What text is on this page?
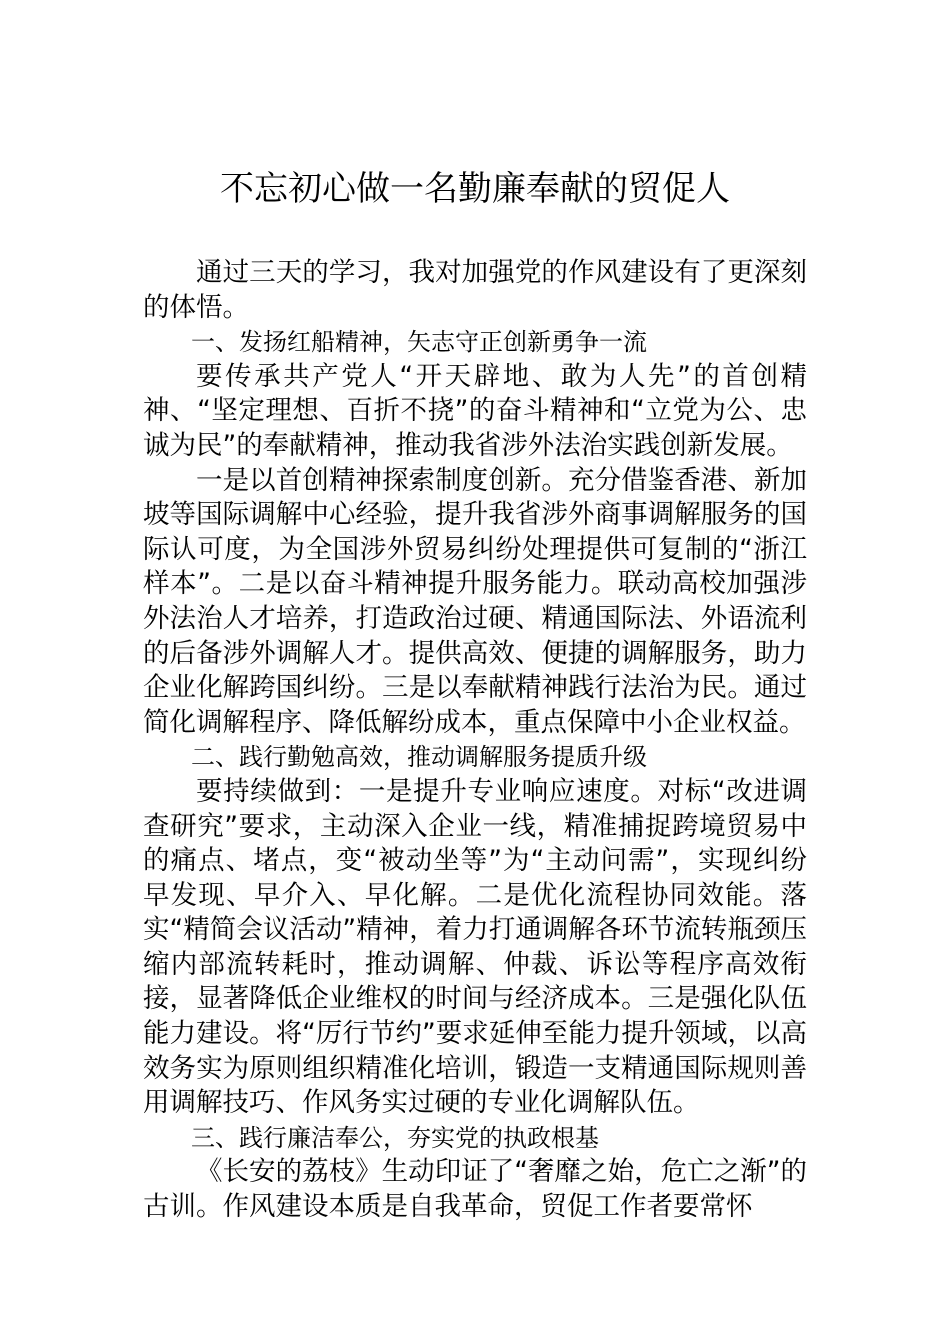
不忘初心做一名勤廉奉献的贸促人

通过三天的学习，我对加强党的作风建设有了更深刻的体悟。

一、发扬红船精神，矢志守正创新勇争一流

要传承共产党人“开天辟地、敢为人先”的首创精神、“坚定理想、百折不挠”的奋斗精神和“立党为公、忠诚为民”的奉献精神，推动我省涉外法治实践创新发展。

一是以首创精神探索制度创新。充分借鉴香港、新加坡等国际调解中心经验，提升我省涉外商事调解服务的国际认可度，为全国涉外贸易纠纷处理提供可复制的“浙江样本”。二是以奋斗精神提升服务能力。联动高校加强涉外法治人才培养，打造政治过硬、精通国际法、外语流利的后备涉外调解人才。提供高效、便捷的调解服务，助力企业化解跨国纠纷。三是以奉献精神践行法治为民。通过简化调解程序、降低解纷成本，重点保障中小企业权益。

二、践行勤勉高效，推动调解服务提质升级

要持续做到：一是提升专业响应速度。对标“改进调查研究”要求，主动深入企业一线，精准捕捉跨境贸易中的痛点、堵点，变“被动坐等”为“主动问需”，实现纠纷早发现、早介入、早化解。二是优化流程协同效能。落实“精简会议活动”精神，着力打通调解各环节流转瓶颈压缩内部流转耗时，推动调解、仲裁、诉讼等程序高效衔接，显著降低企业维权的时间与经济成本。三是强化队伍能力建设。将“厉行节约”要求延伸至能力提升领域，以高效务实为原则组织精准化培训，锻造一支精通国际规则善用调解技巧、作风务实过硬的专业化调解队伍。

三、践行廉洁奉公，夯实党的执政根基

《长安的荔枝》生动印证了“奢靡之始，危亡之渐”的古训。作风建设本质是自我革命，贸促工作者要常怀
